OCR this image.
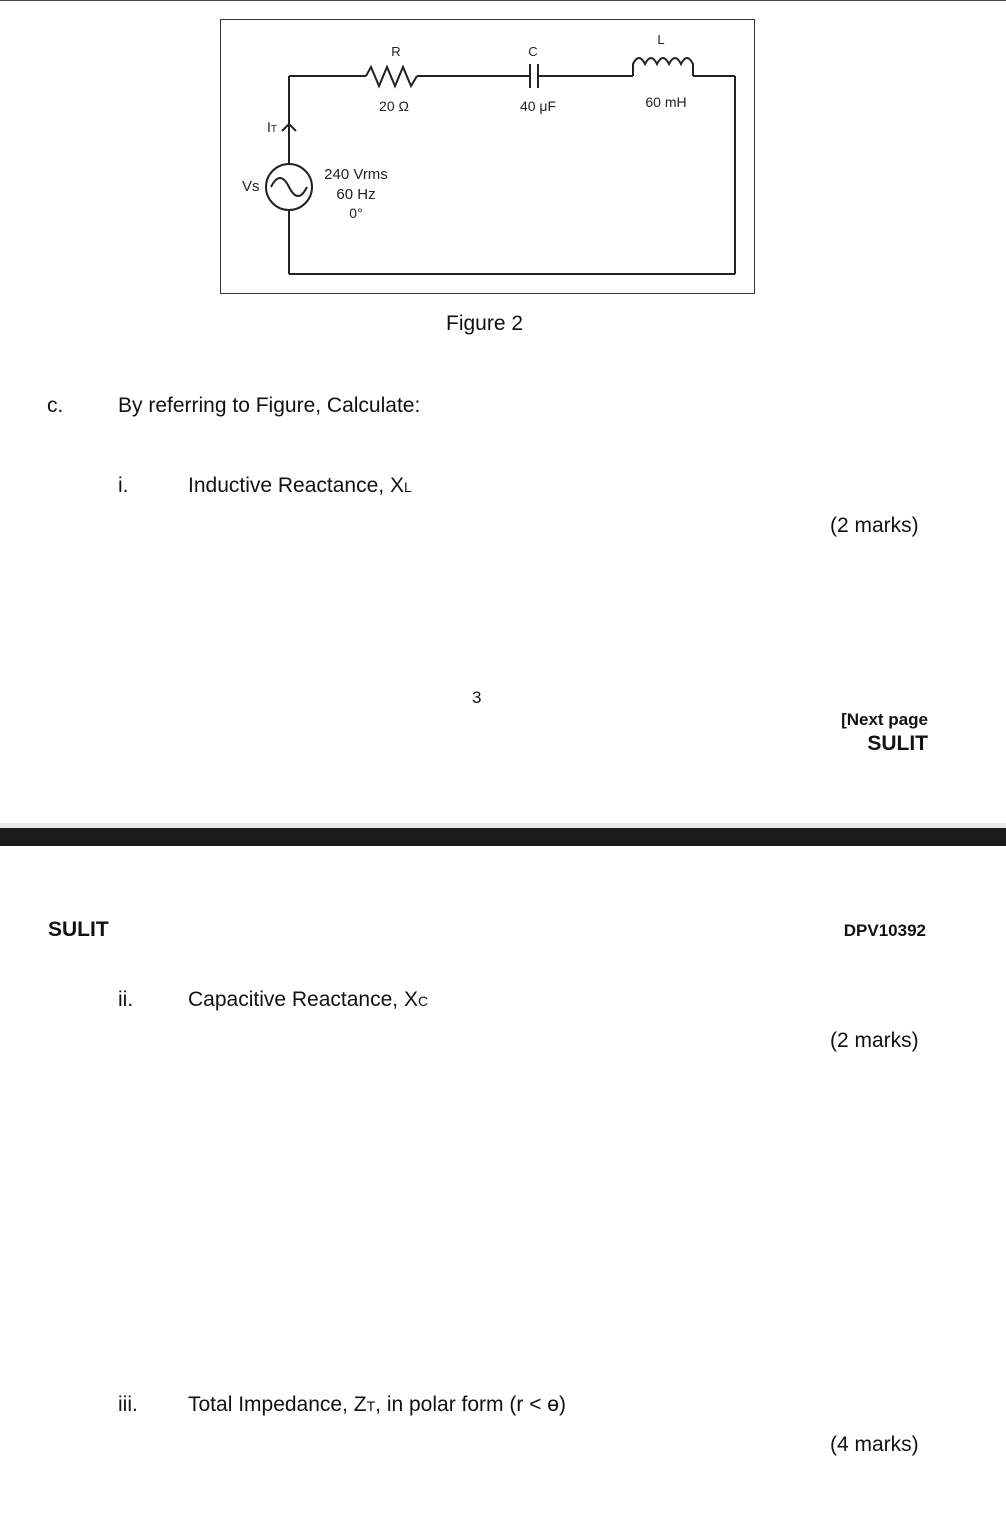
R
20 Ω
C
40 μF
L
60 mH
IT
Vs
240 Vrms
60 Hz
0°
Figure 2
c.	By referring to Figure, Calculate:
i.	Inductive Reactance, XL
(2 marks)
3
[Next page
SULIT
SULIT	DPV10392
ii.	Capacitive Reactance, XC
(2 marks)
iii. Total Impedance, ZT, in polar form (r < ɵ)
(4 marks)
